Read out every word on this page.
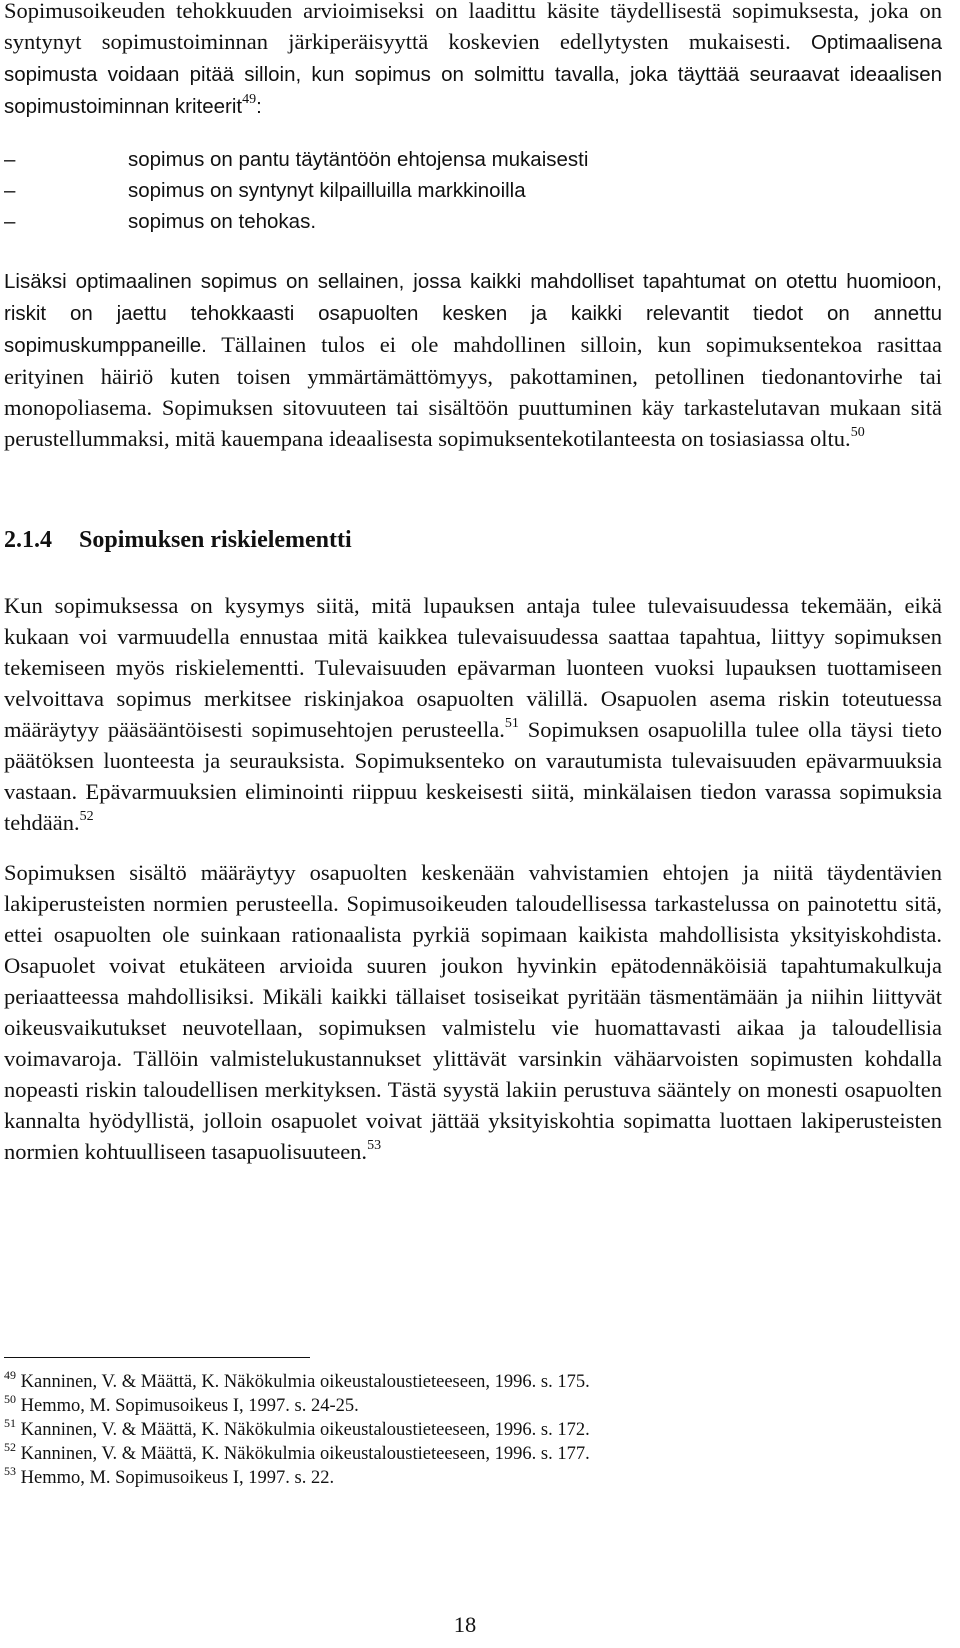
Sopimusoikeuden tehokkuuden arvioimiseksi on laadittu käsite täydellisestä sopimuksesta, joka on syntynyt sopimustoiminnan järkiperäisyyttä koskevien edellytysten mukaisesti. Optimaalisena sopimusta voidaan pitää silloin, kun sopimus on solmittu tavalla, joka täyttää seuraavat ideaalisen sopimustoiminnan kriteerit$^{49}$:

–	sopimus on pantu täytäntöön ehtojensa mukaisesti
–	sopimus on syntynyt kilpailluilla markkinoilla
–	sopimus on tehokas.

Lisäksi optimaalinen sopimus on sellainen, jossa kaikki mahdolliset tapahtumat on otettu huomioon, riskit on jaettu tehokkaasti osapuolten kesken ja kaikki relevantit tiedot on annettu sopimuskumppaneille. Tällainen tulos ei ole mahdollinen silloin, kun sopimuksentekoa rasittaa erityinen häiriö kuten toisen ymmärtämättömyys, pakottaminen, petollinen tiedonantovirhe tai monopoliasema. Sopimuksen sitovuuteen tai sisältöön puuttuminen käy tarkastelutavan mukaan sitä perustellummaksi, mitä kauempana ideaalisesta sopimuksentekotilanteesta on tosiasiassa oltu.$^{50}$

2.1.4 Sopimuksen riskielementti

Kun sopimuksessa on kysymys siitä, mitä lupauksen antaja tulee tulevaisuudessa tekemään, eikä kukaan voi varmuudella ennustaa mitä kaikkea tulevaisuudessa saattaa tapahtua, liittyy sopimuksen tekemiseen myös riskielementti. Tulevaisuuden epävarman luonteen vuoksi lupauksen tuottamiseen velvoittava sopimus merkitsee riskinjakoa osapuolten välillä. Osapuolen asema riskin toteutuessa määräytyy pääsääntöisesti sopimusehtojen perusteella.$^{51}$ Sopimuksen osapuolilla tulee olla täysi tieto päätöksen luonteesta ja seurauksista. Sopimuksenteko on varautumista tulevaisuuden epävarmuuksia vastaan. Epävarmuuksien eliminointi riippuu keskeisesti siitä, minkälaisen tiedon varassa sopimuksia tehdään.$^{52}$

Sopimuksen sisältö määräytyy osapuolten keskenään vahvistamien ehtojen ja niitä täydentävien lakiperusteisten normien perusteella. Sopimusoikeuden taloudellisessa tarkastelussa on painotettu sitä, ettei osapuolten ole suinkaan rationaalista pyrkiä sopimaan kaikista mahdollisista yksityiskohdista. Osapuolet voivat etukäteen arvioida suuren joukon hyvinkin epätodennäköisiä tapahtumakulkuja periaatteessa mahdollisiksi. Mikäli kaikki tällaiset tosiseikat pyritään täsmentämään ja niihin liittyvät oikeusvaikutukset neuvotellaan, sopimuksen valmistelu vie huomattavasti aikaa ja taloudellisia voimavaroja. Tällöin valmistelukustannukset ylittävät varsinkin vähäarvoisten sopimusten kohdalla nopeasti riskin taloudellisen merkityksen. Tästä syystä lakiin perustuva sääntely on monesti osapuolten kannalta hyödyllistä, jolloin osapuolet voivat jättää yksityiskohtia sopimatta luottaen lakiperusteisten normien kohtuulliseen tasapuolisuuteen.$^{53}$

$^{49}$ Kanninen, V. & Määttä, K. Näkökulmia oikeustaloustieteeseen, 1996. s. 175.
$^{50}$ Hemmo, M. Sopimusoikeus I, 1997. s. 24-25.
$^{51}$ Kanninen, V. & Määttä, K. Näkökulmia oikeustaloustieteeseen, 1996. s. 172.
$^{52}$ Kanninen, V. & Määttä, K. Näkökulmia oikeustaloustieteeseen, 1996. s. 177.
$^{53}$ Hemmo, M. Sopimusoikeus I, 1997. s. 22.
18
